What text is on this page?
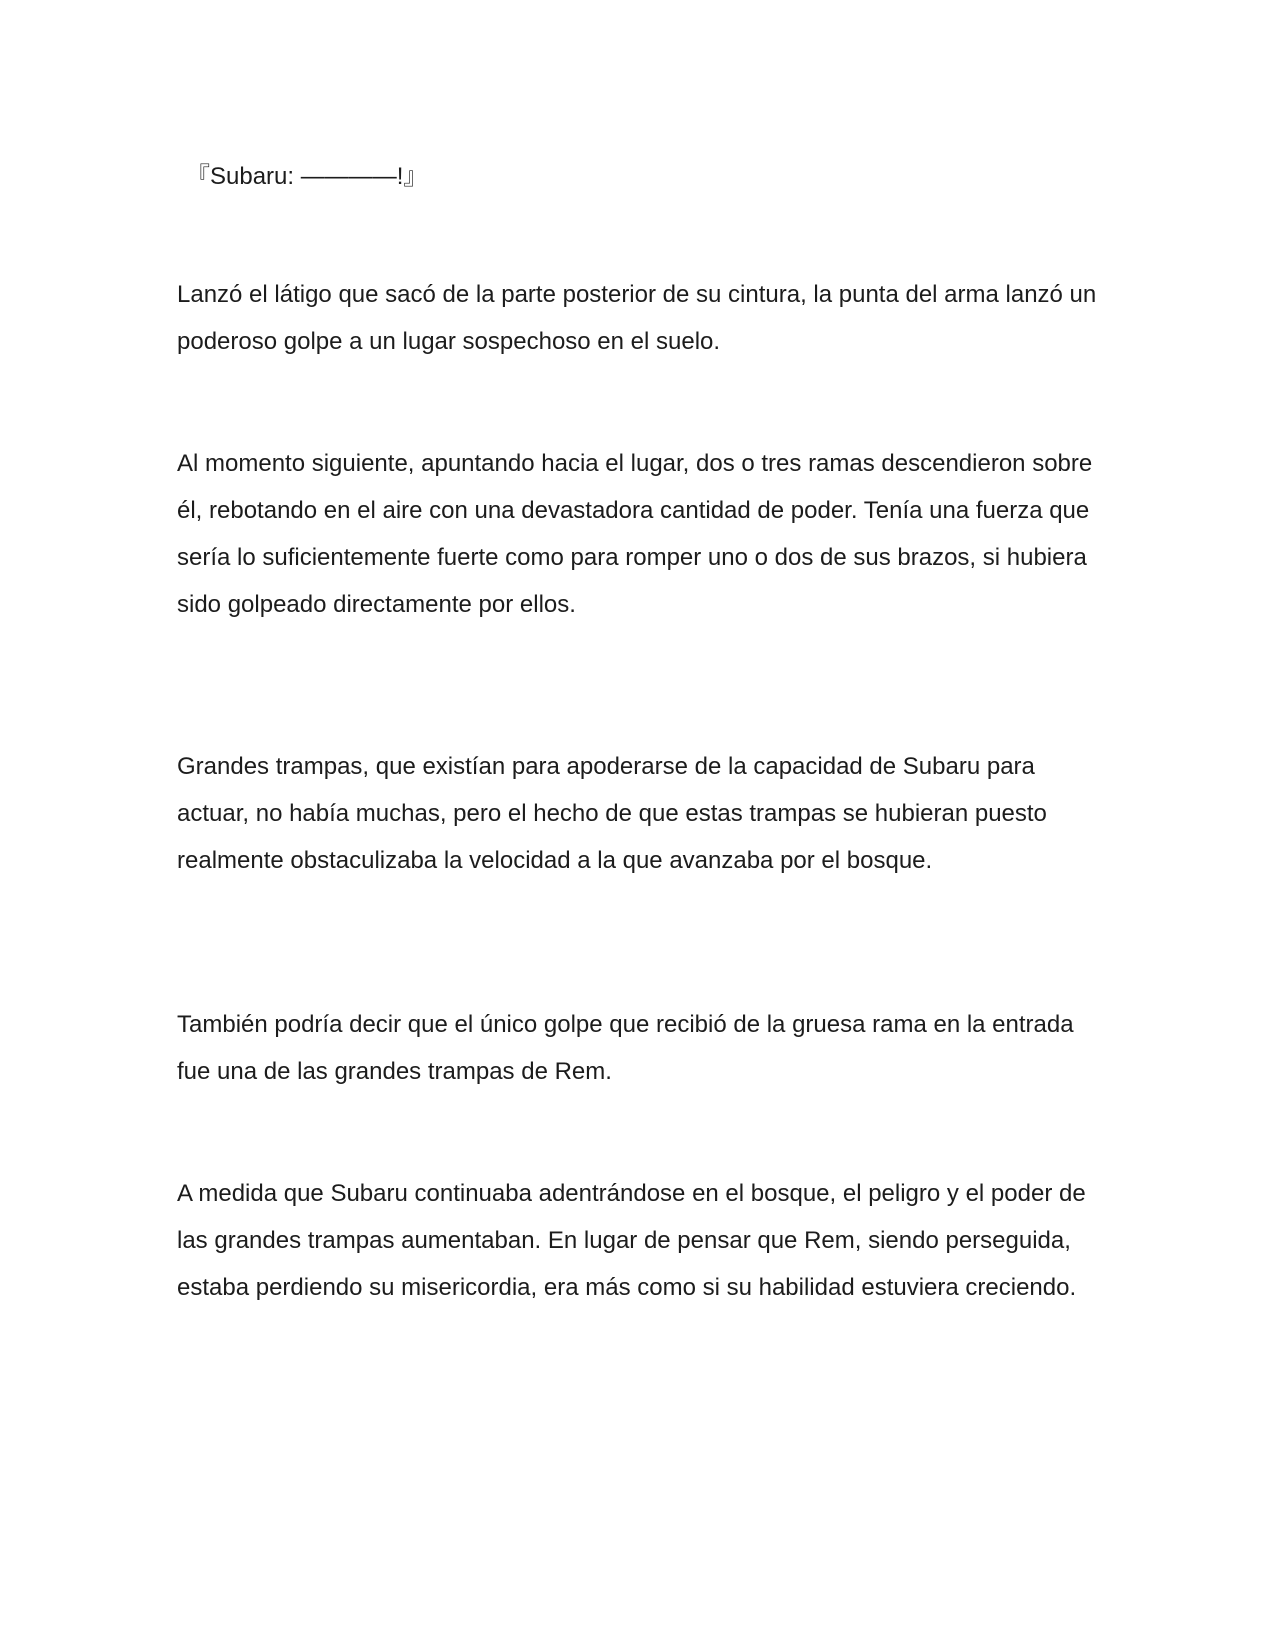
『Subaru: ————!』

Lanzó el látigo que sacó de la parte posterior de su cintura, la punta del arma lanzó un poderoso golpe a un lugar sospechoso en el suelo.

Al momento siguiente, apuntando hacia el lugar, dos o tres ramas descendieron sobre él, rebotando en el aire con una devastadora cantidad de poder. Tenía una fuerza que sería lo suficientemente fuerte como para romper uno o dos de sus brazos, si hubiera sido golpeado directamente por ellos.

Grandes trampas, que existían para apoderarse de la capacidad de Subaru para actuar, no había muchas, pero el hecho de que estas trampas se hubieran puesto realmente obstaculizaba la velocidad a la que avanzaba por el bosque.

También podría decir que el único golpe que recibió de la gruesa rama en la entrada fue una de las grandes trampas de Rem.

A medida que Subaru continuaba adentrándose en el bosque, el peligro y el poder de las grandes trampas aumentaban. En lugar de pensar que Rem, siendo perseguida, estaba perdiendo su misericordia, era más como si su habilidad estuviera creciendo.
